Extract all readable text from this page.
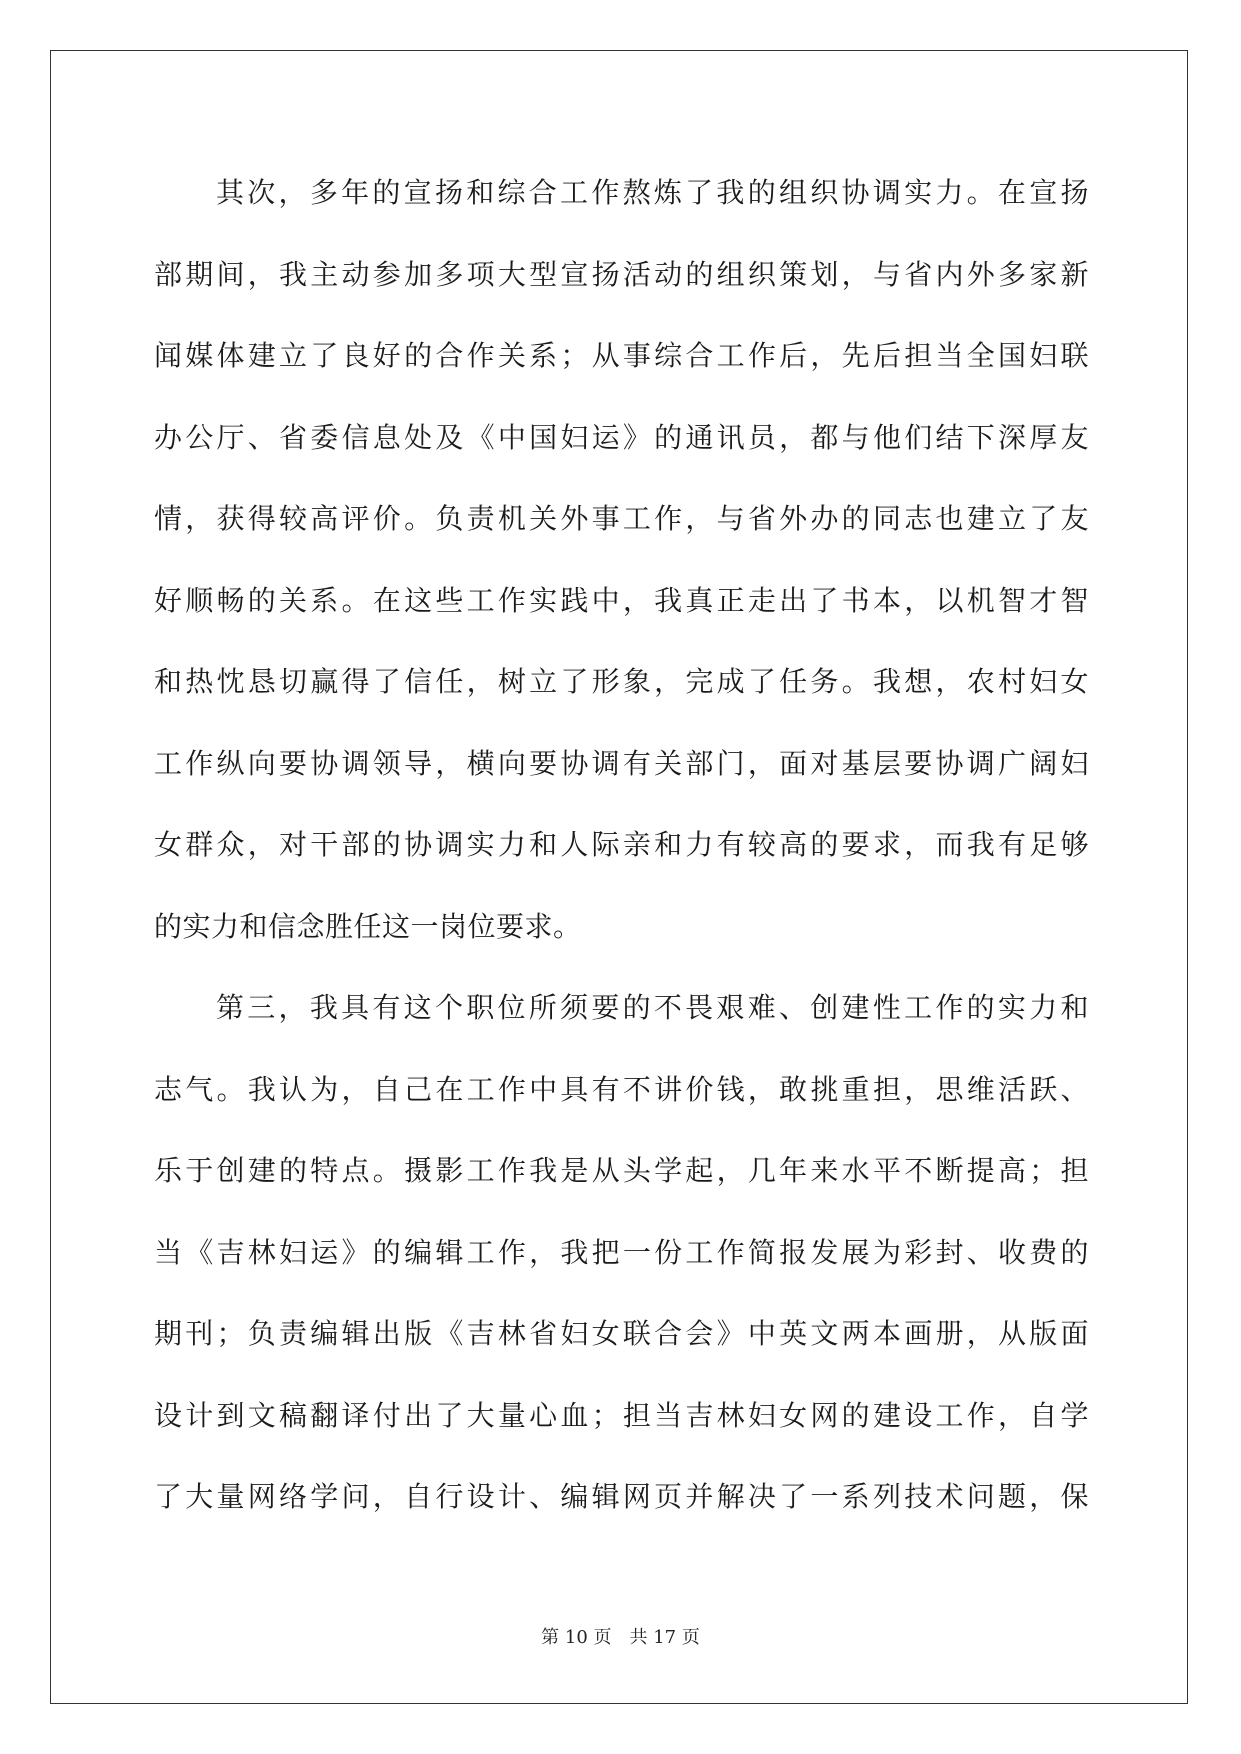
其次，多年的宣扬和综合工作熬炼了我的组织协调实力。在宣扬
部期间，我主动参加多项大型宣扬活动的组织策划，与省内外多家新
闻媒体建立了良好的合作关系；从事综合工作后，先后担当全国妇联
办公厅、省委信息处及《中国妇运》的通讯员，都与他们结下深厚友
情，获得较高评价。负责机关外事工作，与省外办的同志也建立了友
好顺畅的关系。在这些工作实践中，我真正走出了书本，以机智才智
和热忱恳切赢得了信任，树立了形象，完成了任务。我想，农村妇女
工作纵向要协调领导，横向要协调有关部门，面对基层要协调广阔妇
女群众，对干部的协调实力和人际亲和力有较高的要求，而我有足够
的实力和信念胜任这一岗位要求。
第三，我具有这个职位所须要的不畏艰难、创建性工作的实力和
志气。我认为，自己在工作中具有不讲价钱，敢挑重担，思维活跃、
乐于创建的特点。摄影工作我是从头学起，几年来水平不断提高；担
当《吉林妇运》的编辑工作，我把一份工作简报发展为彩封、收费的
期刊；负责编辑出版《吉林省妇女联合会》中英文两本画册，从版面
设计到文稿翻译付出了大量心血；担当吉林妇女网的建设工作，自学
了大量网络学问，自行设计、编辑网页并解决了一系列技术问题，保
第 10 页 共 17 页
